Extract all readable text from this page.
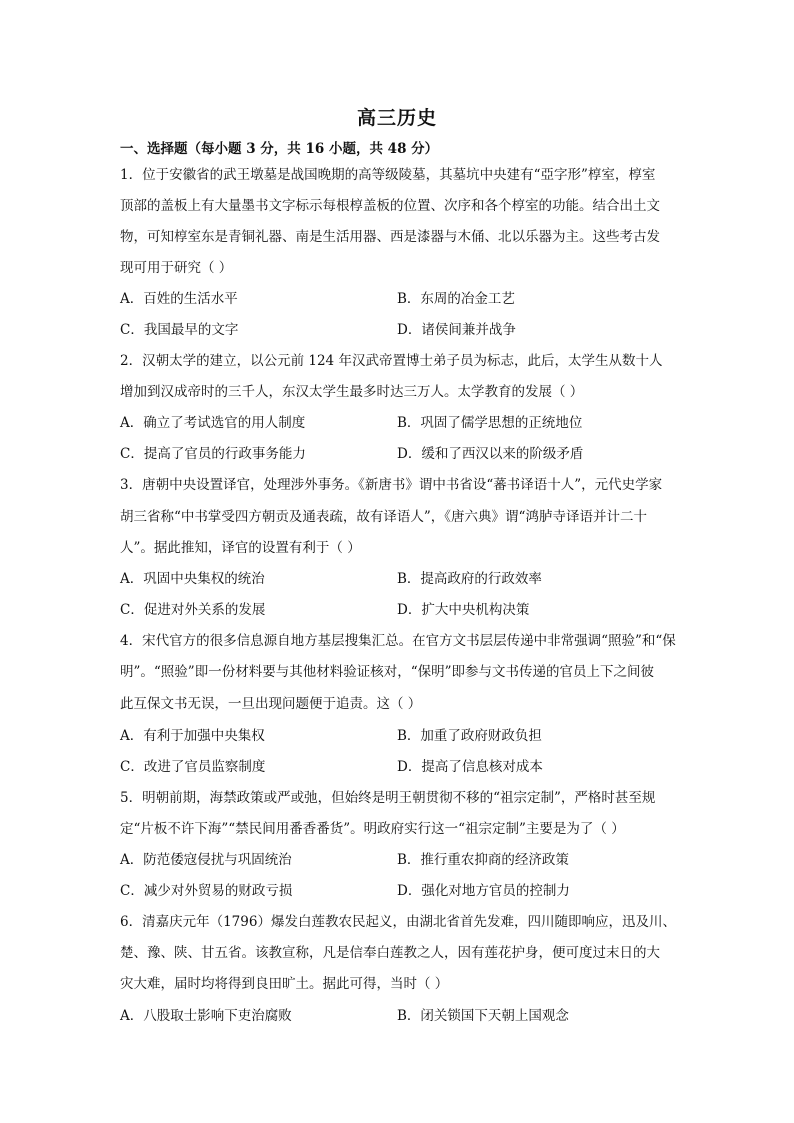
高三历史
一、选择题（每小题 3 分，共 16 小题，共 48 分）
1．位于安徽省的武王墩墓是战国晚期的高等级陵墓，其墓坑中央建有“亞字形”椁室，椁室
顶部的盖板上有大量墨书文字标示每根椁盖板的位置、次序和各个椁室的功能。结合出土文
物，可知椁室东是青铜礼器、南是生活用器、西是漆器与木俑、北以乐器为主。这些考古发
现可用于研究（ ）
A．百姓的生活水平	B．东周的冶金工艺
C．我国最早的文字	D．诸侯间兼并战争
2．汉朝太学的建立，以公元前 124 年汉武帝置博士弟子员为标志，此后，太学生从数十人
增加到汉成帝时的三千人，东汉太学生最多时达三万人。太学教育的发展（ ）
A．确立了考试选官的用人制度	B．巩固了儒学思想的正统地位
C．提高了官员的行政事务能力	D．缓和了西汉以来的阶级矛盾
3．唐朝中央设置译官，处理涉外事务。《新唐书》谓中书省设“蕃书译语十人”，元代史学家
胡三省称“中书掌受四方朝贡及通表疏，故有译语人”，《唐六典》谓“鸿胪寺译语并计二十
人”。据此推知，译官的设置有利于（ ）
A．巩固中央集权的统治	B．提高政府的行政效率
C．促进对外关系的发展	D．扩大中央机构决策
4．宋代官方的很多信息源自地方基层搜集汇总。在官方文书层层传递中非常强调“照验”和“保
明”。“照验”即一份材料要与其他材料验证核对，“保明”即参与文书传递的官员上下之间彼
此互保文书无误，一旦出现问题便于追责。这（ ）
A．有利于加强中央集权	B．加重了政府财政负担
C．改进了官员监察制度	D．提高了信息核对成本
5．明朝前期，海禁政策或严或弛，但始终是明王朝贯彻不移的“祖宗定制”，严格时甚至规
定“片板不许下海”“禁民间用番香番货”。明政府实行这一“祖宗定制”主要是为了（ ）
A．防范倭寇侵扰与巩固统治	B．推行重农抑商的经济政策
C．减少对外贸易的财政亏损	D．强化对地方官员的控制力
6．清嘉庆元年（1796）爆发白莲教农民起义，由湖北省首先发难，四川随即响应，迅及川、
楚、豫、陕、甘五省。该教宣称，凡是信奉白莲教之人，因有莲花护身，便可度过末日的大
灾大难，届时均将得到良田旷土。据此可得，当时（ ）
A．八股取士影响下吏治腐败	B．闭关锁国下天朝上国观念
